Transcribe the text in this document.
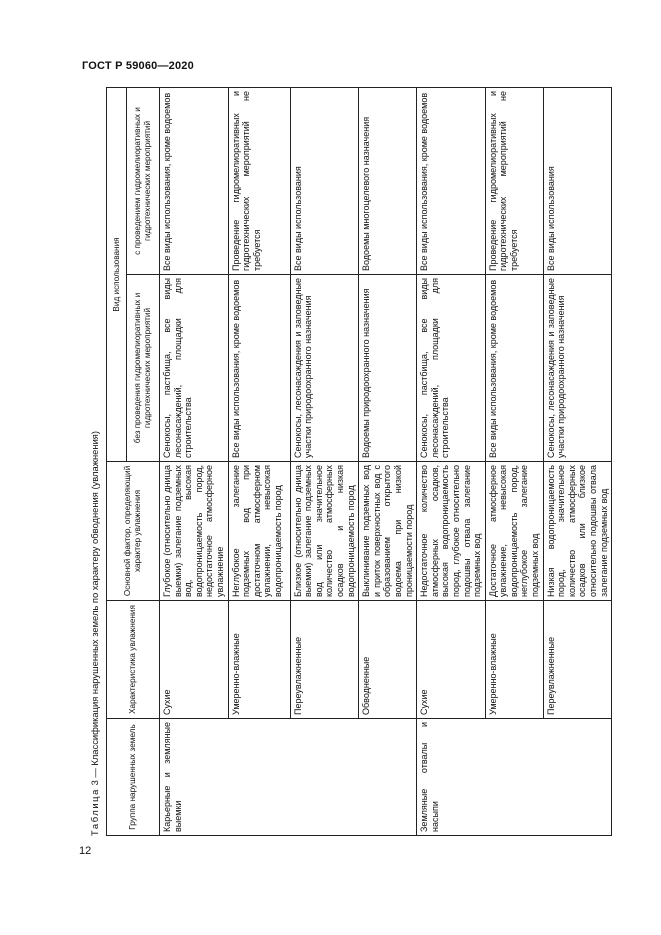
ГОСТ Р 59060—2020
Таблица 3 — Классификация нарушенных земель по характеру обводнения (увлажнения)	Группа нарушенных земель	Характеристика увлажнения	Основной фактор, определяющий характер увлажнения	Вид использования	
			без проведения гидромелиоративных и гидротехнических мероприятий	с проведением гидромелиоративных и гидротехнических мероприятий
Карьерные и земляные выемки	Сухие	Глубокое (относительно днища выемки) залегание подземных вод, высокая водопроницаемость пород, недостаточное атмосферное увлажнение	Сенокосы, пастбища, все виды лесонасаждений, площадки для строительства	Все виды использования, кроме водоемов
	Умеренно-влажные	Неглубокое залегание подземных вод при достаточном атмосферном увлажнении, невысокая водопроницаемость пород	Все виды использования, кроме водоемов	Проведение гидромелиоративных и гидротехнических мероприятий не требуется
	Переувлажненные	Близкое (относительно днища выемки) залегание подземных вод или значительное количество атмосферных осадков и низкая водопроницаемость пород	Сенокосы, лесонасаждения и заповедные участки природоохранного назначения	Все виды использования
	Обводненные	Выклинивание подземных вод и приток поверхностных вод с образованием открытого водоема при низкой проницаемости пород	Водоемы природоохранного назначения	Водоемы многоцелевого назначения
Земляные отвалы и насыпи	Сухие	Недостаточное количество атмосферных осадков, высокая водопроницаемость пород, глубокое относительно подошвы отвала залегание подземных вод	Сенокосы, пастбища, все виды лесонасаждений, площадки для строительства	Все виды использования, кроме водоемов
	Умеренно-влажные	Достаточное атмосферное увлажнение, невысокая водопроницаемость пород, неглубокое залегание подземных вод	Все виды использования, кроме водоемов	Проведение гидромелиоративных и гидротехнических мероприятий не требуется
	Переувлажненные	Низкая водопроницаемость пород, значительное количество атмосферных осадков или близкое относительно подошвы отвала залегание подземных вод	Сенокосы, лесонасаждения и заповедные участки природоохранного назначения	Все виды использования
12
